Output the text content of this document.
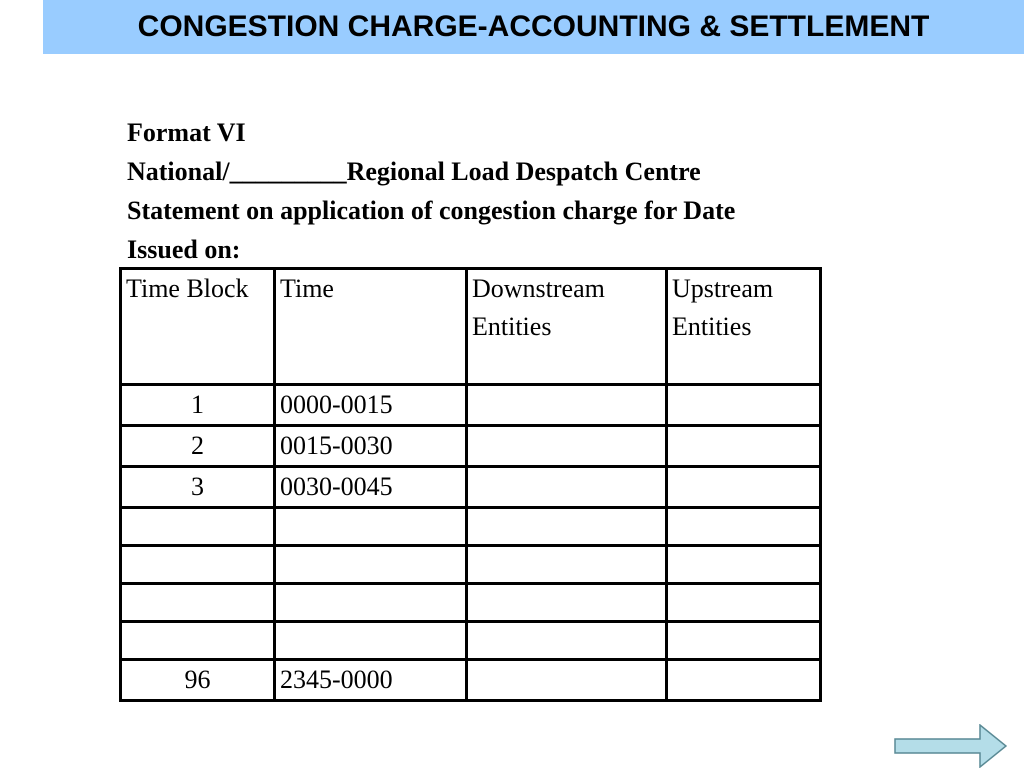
CONGESTION CHARGE-ACCOUNTING & SETTLEMENT
Format VI
National/_________Regional Load Despatch Centre
Statement on application of congestion charge for Date
Issued on:
Time Block	Time	Downstream Entities	Upstream Entities
1	0000-0015		
2	0015-0030		
3	0030-0045		

96	2345-0000		
